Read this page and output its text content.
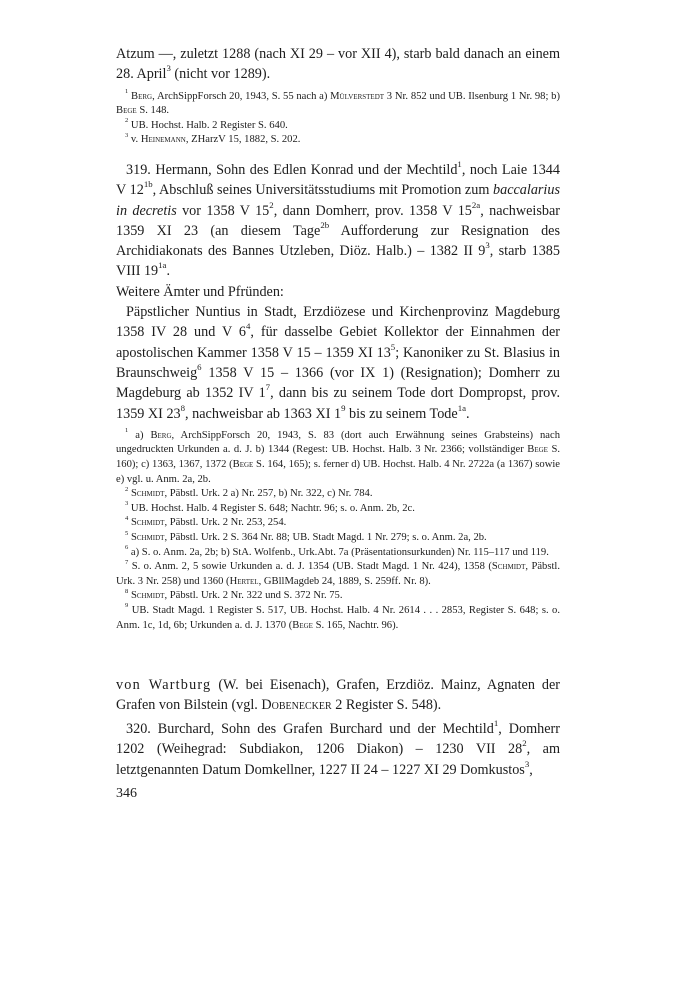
Atzum —, zuletzt 1288 (nach XI 29 – vor XII 4), starb bald danach an einem 28. April$^3$ (nicht vor 1289).

$^1$ Berg, ArchSippForsch 20, 1943, S. 55 nach a) Mülverstedt 3 Nr. 852 und UB. Ilsenburg 1 Nr. 98; b) Bege S. 148.

$^2$ UB. Hochst. Halb. 2 Register S. 640.

$^3$ v. Heinemann, ZHarzV 15, 1882, S. 202.

319. Hermann, Sohn des Edlen Konrad und der Mechtild$^1$, noch Laie 1344 V $12^{1b}$, Abschluß seines Universitätsstudiums mit Promotion zum baccalarius in decretis vor 1358 V $15^2$, dann Domherr, prov. 1358 V $15^{2a}$, nachweisbar 1359 XI 23 (an diesem Tage$^{2b}$ Aufforderung zur Resignation des Archidiakonats des Bannes Utzleben, Diöz. Halb.) – 1382 II $9^3$, starb 1385 VIII $19^{1a}$.

Weitere Ämter und Pfründen:

Päpstlicher Nuntius in Stadt, Erzdiözese und Kirchenprovinz Magdeburg 1358 IV 28 und V $6^4$, für dasselbe Gebiet Kollektor der Einnahmen der apostolischen Kammer 1358 V 15 – 1359 XI $13^5$; Kanoniker zu St. Blasius in Braunschweig$^6$ 1358 V 15 – 1366 (vor IX 1) (Resignation); Domherr zu Magdeburg ab 1352 IV $1^7$, dann bis zu seinem Tode dort Dompropst, prov. 1359 XI $23^8$, nachweisbar ab 1363 XI $1^9$ bis zu seinem Tode$^{1a}$.

$^1$ a) Berg, ArchSippForsch 20, 1943, S. 83 (dort auch Erwähnung seines Grabsteins) nach ungedruckten Urkunden a. d. J. b) 1344 (Regest: UB. Hochst. Halb. 3 Nr. 2366; vollständiger Bege S. 160); c) 1363, 1367, 1372 (Bege S. 164, 165); s. ferner d) UB. Hochst. Halb. 4 Nr. 2722a (a 1367) sowie e) vgl. u. Anm. 2a, 2b.

$^2$ Schmidt, Päbstl. Urk. 2 a) Nr. 257, b) Nr. 322, c) Nr. 784.

$^3$ UB. Hochst. Halb. 4 Register S. 648; Nachtr. 96; s. o. Anm. 2b, 2c.

$^4$ Schmidt, Päbstl. Urk. 2 Nr. 253, 254.

$^5$ Schmidt, Päbstl. Urk. 2 S. 364 Nr. 88; UB. Stadt Magd. 1 Nr. 279; s. o. Anm. 2a, 2b.

$^6$ a) S. o. Anm. 2a, 2b; b) StA. Wolfenb., Urk.Abt. 7a (Präsentationsurkunden) Nr. 115–117 und 119.

$^7$ S. o. Anm. 2, 5 sowie Urkunden a. d. J. 1354 (UB. Stadt Magd. 1 Nr. 424), 1358 (Schmidt, Päbstl. Urk. 3 Nr. 258) und 1360 (Hertel, GBllMagdeb 24, 1889, S. 259ff. Nr. 8).

$^8$ Schmidt, Päbstl. Urk. 2 Nr. 322 und S. 372 Nr. 75.

$^9$ UB. Stadt Magd. 1 Register S. 517, UB. Hochst. Halb. 4 Nr. 2614 . . . 2853, Register S. 648; s. o. Anm. 1c, 1d, 6b; Urkunden a. d. J. 1370 (Bege S. 165, Nachtr. 96).

von Wartburg (W. bei Eisenach), Grafen, Erzdiöz. Mainz, Agnaten der Grafen von Bilstein (vgl. Dobenecker 2 Register S. 548).

320. Burchard, Sohn des Grafen Burchard und der Mechtild$^1$, Domherr 1202 (Weihegrad: Subdiakon, 1206 Diakon) – 1230 VII $28^2$, am letztgenannten Datum Domkellner, 1227 II 24 – 1227 XI 29 Domkustos$^3$,

346
